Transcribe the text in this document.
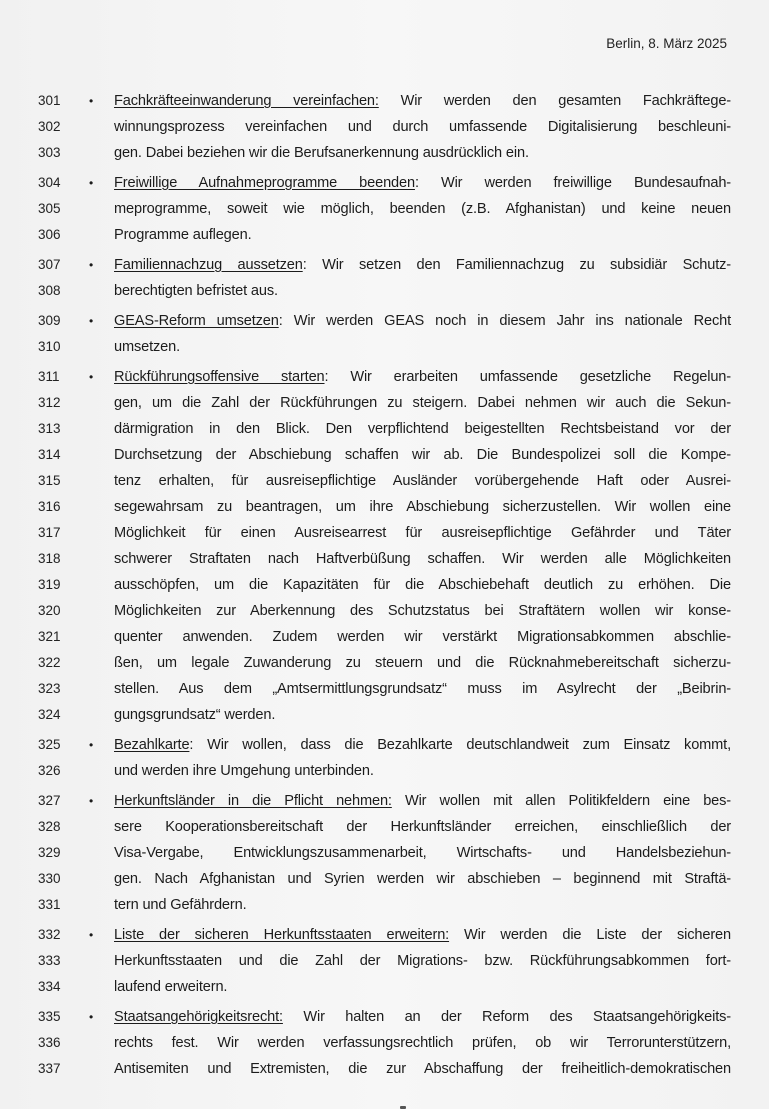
Berlin, 8. März 2025
301	• Fachkräfteeinwanderung vereinfachen: Wir werden den gesamten Fachkräftege-
302	winnungsprozess vereinfachen und durch umfassende Digitalisierung beschleuni-
303	gen. Dabei beziehen wir die Berufsanerkennung ausdrücklich ein.
304	• Freiwillige Aufnahmeprogramme beenden: Wir werden freiwillige Bundesaufnah-
305	meprogramme, soweit wie möglich, beenden (z.B. Afghanistan) und keine neuen
306	Programme auflegen.
307	• Familiennachzug aussetzen: Wir setzen den Familiennachzug zu subsidiär Schutz-
308	berechtigten befristet aus.
309	• GEAS-Reform umsetzen: Wir werden GEAS noch in diesem Jahr ins nationale Recht
310	umsetzen.
311	• Rückführungsoffensive starten: Wir erarbeiten umfassende gesetzliche Regelun-
312	gen, um die Zahl der Rückführungen zu steigern. Dabei nehmen wir auch die Sekun-
313	därmigration in den Blick. Den verpflichtend beigestellten Rechtsbeistand vor der
314	Durchsetzung der Abschiebung schaffen wir ab. Die Bundespolizei soll die Kompe-
315	tenz erhalten, für ausreisepflichtige Ausländer vorübergehende Haft oder Ausrei-
316	segewahrsam zu beantragen, um ihre Abschiebung sicherzustellen. Wir wollen eine
317	Möglichkeit für einen Ausreisearrest für ausreisepflichtige Gefährder und Täter
318	schwerer Straftaten nach Haftverbüßung schaffen. Wir werden alle Möglichkeiten
319	ausschöpfen, um die Kapazitäten für die Abschiebehaft deutlich zu erhöhen. Die
320	Möglichkeiten zur Aberkennung des Schutzstatus bei Straftätern wollen wir konse-
321	quenter anwenden. Zudem werden wir verstärkt Migrationsabkommen abschlie-
322	ßen, um legale Zuwanderung zu steuern und die Rücknahmebereitschaft sicherzu-
323	stellen. Aus dem „Amtsermittlungsgrundsatz“ muss im Asylrecht der „Beibrin-
324	gungsgrundsatz“ werden.
325	• Bezahlkarte: Wir wollen, dass die Bezahlkarte deutschlandweit zum Einsatz kommt,
326	und werden ihre Umgehung unterbinden.
327	• Herkunftsländer in die Pflicht nehmen: Wir wollen mit allen Politikfeldern eine bes-
328	sere Kooperationsbereitschaft der Herkunftsländer erreichen, einschließlich der
329	Visa-Vergabe, Entwicklungszusammenarbeit, Wirtschafts- und Handelsbeziehun-
330	gen. Nach Afghanistan und Syrien werden wir abschieben – beginnend mit Straftä-
331	tern und Gefährdern.
332	• Liste der sicheren Herkunftsstaaten erweitern: Wir werden die Liste der sicheren
333	Herkunftsstaaten und die Zahl der Migrations- bzw. Rückführungsabkommen fort-
334	laufend erweitern.
335	• Staatsangehörigkeitsrecht: Wir halten an der Reform des Staatsangehörigkeits-
336	rechts fest. Wir werden verfassungsrechtlich prüfen, ob wir Terrorunterstützern,
337	Antisemiten und Extremisten, die zur Abschaffung der freiheitlich-demokratischen
